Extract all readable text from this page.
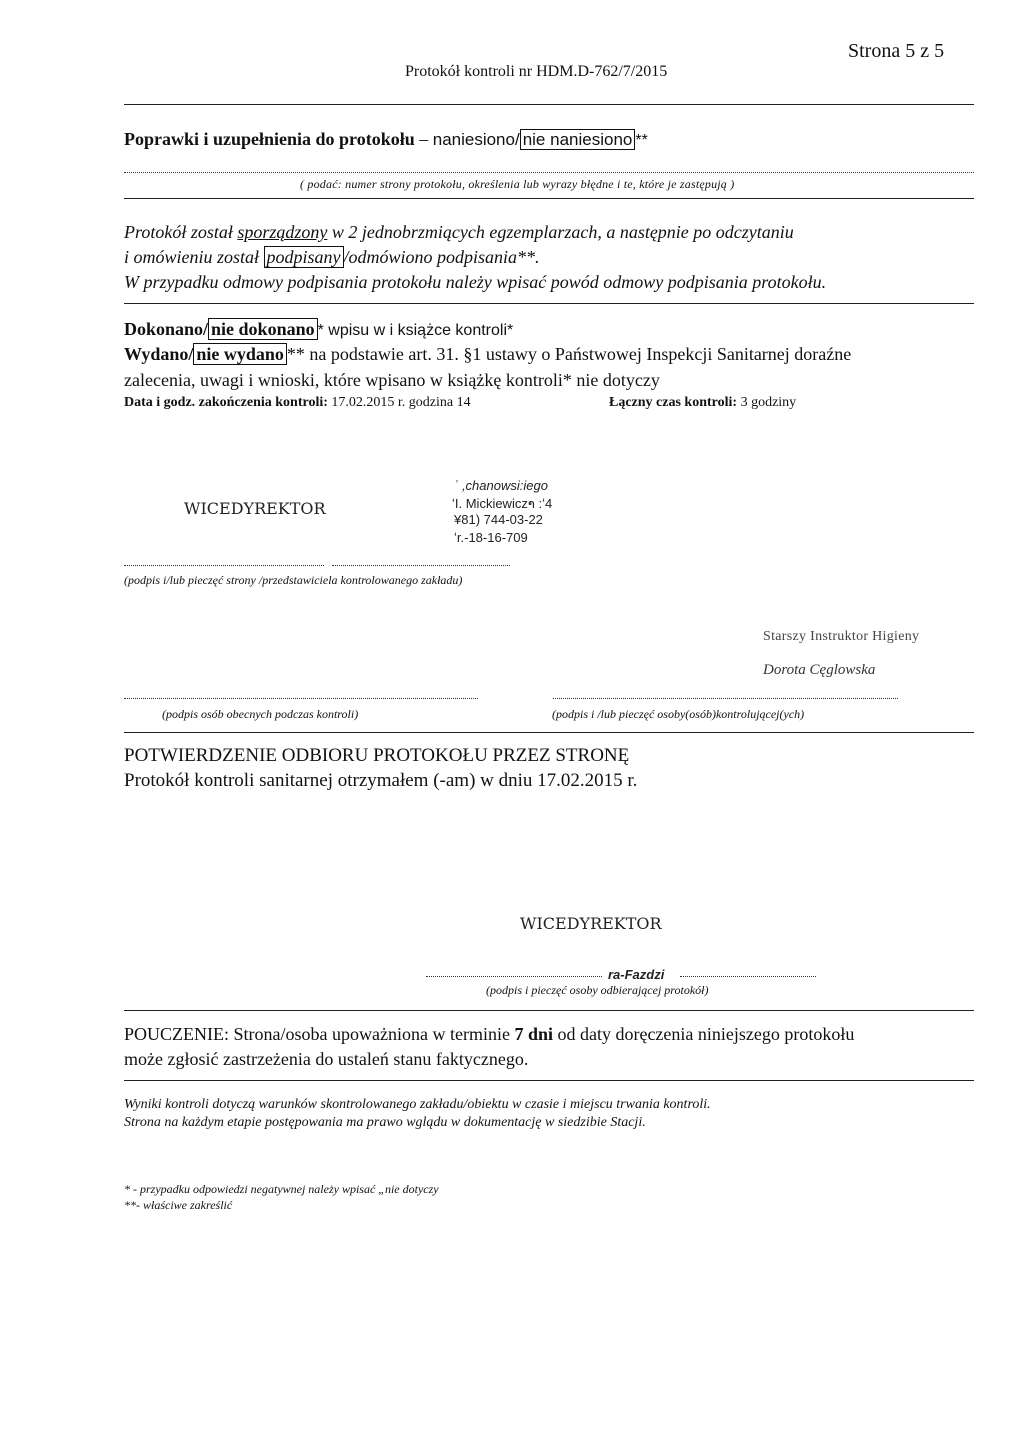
Strona 5 z 5
Protokół kontroli nr HDM.D-762/7/2015
Poprawki i uzupełnienia do protokołu – naniesiono/ nie naniesiono **
( podać: numer strony protokołu, określenia lub wyrazy błędne i te, które je zastępują )
Protokół został sporządzony w 2 jednobrzmiących egzemplarzach, a następnie po odczytaniu
i omówieniu został podpisany /odmówiono podpisania**.
W przypadku odmowy podpisania protokołu należy wpisać powód odmowy podpisania protokołu.
Dokonano/ nie dokonano * wpisu w i książce kontroli*
Wydano/ nie wydano ** na podstawie art. 31. §1 ustawy o Państwowej Inspekcji Sanitarnej doraźne
zalecenia, uwagi i wnioski, które wpisano w książkę kontroli* nie dotyczy
Data i godz. zakończenia kontroli: 17.02.2015 r. godzina 14	Łączny czas kontroli: 3 godziny
WICEDYREKTOR
ʿ ,chanowsi:iego
ʻI. Mickiewiczາ :ʻ4
¥81) 744-03-22
​ʻr.-18-16-709
(podpis i/lub pieczęć strony /przedstawiciela kontrolowanego zakładu)
Starszy Instruktor Higieny
Dorota Cęglowska
(podpis osób obecnych podczas kontroli)	(podpis i /lub pieczęć osoby(osób)kontrolującej(ych)
POTWIERDZENIE ODBIORU PROTOKOŁU PRZEZ STRONĘ
Protokół kontroli sanitarnej otrzymałem (-am) w dniu 17.02.2015 r.
WICEDYREKTOR
ra-Fazdzi
(podpis i pieczęć osoby odbierającej protokół)
POUCZENIE: Strona/osoba upoważniona w terminie 7 dni od daty doręczenia niniejszego protokołu
może zgłosić zastrzeżenia do ustaleń stanu faktycznego.
Wyniki kontroli dotyczą warunków skontrolowanego zakładu/obiektu w czasie i miejscu trwania kontroli.
Strona na każdym etapie postępowania ma prawo wglądu w dokumentację w siedzibie Stacji.
* - przypadku odpowiedzi negatywnej należy wpisać „nie dotyczy
**- właściwe zakreślić
